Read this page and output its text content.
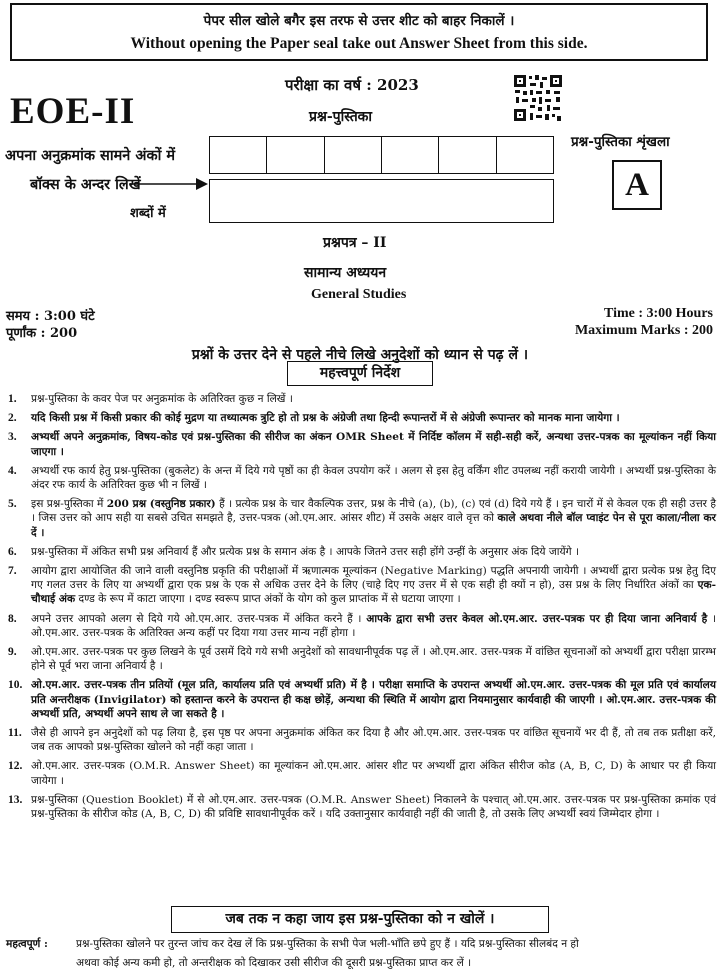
पेपर सील खोले बगैर इस तरफ से उत्तर शीट को बाहर निकालें ।
Without opening the Paper seal take out Answer Sheet from this side.
EOE-II
परीक्षा का वर्ष : 2023
प्रश्न-पुस्तिका
प्रश्न-पुस्तिका शृंखला
A
अपना अनुक्रमांक सामने अंकों में
बॉक्स के अन्दर लिखें
शब्दों में
प्रश्नपत्र – II
सामान्य अध्ययन
General Studies
समय : 3:00 घंटे
पूर्णांक : 200
Time : 3:00 Hours
Maximum Marks : 200
प्रश्नों के उत्तर देने से पहले नीचे लिखे अनुदेशों को ध्यान से पढ़ लें ।
महत्त्वपूर्ण निर्देश
1.	प्रश्न-पुस्तिका के कवर पेज पर अनुक्रमांक के अतिरिक्त कुछ न लिखें ।
2.	यदि किसी प्रश्न में किसी प्रकार की कोई मुद्रण या तथ्यात्मक त्रुटि हो तो प्रश्न के अंग्रेजी तथा हिन्दी रूपान्तरों में से अंग्रेजी रूपान्तर को मानक माना जायेगा ।
3.	अभ्यर्थी अपने अनुक्रमांक, विषय-कोड एवं प्रश्न-पुस्तिका की सीरीज का अंकन OMR Sheet में निर्दिष्ट कॉलम में सही-सही करें, अन्यथा उत्तर-पत्रक का मूल्यांकन नहीं किया जाएगा ।
4.	अभ्यर्थी रफ कार्य हेतु प्रश्न-पुस्तिका (बुकलेट) के अन्त में दिये गये पृष्ठों का ही केवल उपयोग करें । अलग से इस हेतु वर्किंग शीट उपलब्ध नहीं करायी जायेगी । अभ्यर्थी प्रश्न-पुस्तिका के अंदर रफ कार्य के अतिरिक्त कुछ भी न लिखें ।
5.	इस प्रश्न-पुस्तिका में 200 प्रश्न (वस्तुनिष्ठ प्रकार) हैं । प्रत्येक प्रश्न के चार वैकल्पिक उत्तर, प्रश्न के नीचे (a), (b), (c) एवं (d) दिये गये हैं । इन चारों में से केवल एक ही सही उत्तर है । जिस उत्तर को आप सही या सबसे उचित समझते है, उत्तर-पत्रक (ओ.एम.आर. आंसर शीट) में उसके अक्षर वाले वृत्त को काले अथवा नीले बॉल प्वाइंट पेन से पूरा काला/नीला कर दें ।
6.	प्रश्न-पुस्तिका में अंकित सभी प्रश्न अनिवार्य हैं और प्रत्येक प्रश्न के समान अंक है । आपके जितने उत्तर सही होंगे उन्हीं के अनुसार अंक दिये जायेंगे ।
7.	आयोग द्वारा आयोजित की जाने वाली वस्तुनिष्ठ प्रकृति की परीक्षाओं में ऋणात्मक मूल्यांकन (Negative Marking) पद्धति अपनायी जायेगी । अभ्यर्थी द्वारा प्रत्येक प्रश्न हेतु दिए गए गलत उत्तर के लिए या अभ्यर्थी द्वारा एक प्रश्न के एक से अधिक उत्तर देने के लिए (चाहे दिए गए उत्तर में से एक सही ही क्यों न हो), उस प्रश्न के लिए निर्धारित अंकों का एक-चौथाई अंक दण्ड के रूप में काटा जाएगा । दण्ड स्वरूप प्राप्त अंकों के योग को कुल प्राप्तांक में से घटाया जाएगा ।
8.	अपने उत्तर आपको अलग से दिये गये ओ.एम.आर. उत्तर-पत्रक में अंकित करने हैं । आपके द्वारा सभी उत्तर केवल ओ.एम.आर. उत्तर-पत्रक पर ही दिया जाना अनिवार्य है । ओ.एम.आर. उत्तर-पत्रक के अतिरिक्त अन्य कहीं पर दिया गया उत्तर मान्य नहीं होगा ।
9.	ओ.एम.आर. उत्तर-पत्रक पर कुछ लिखने के पूर्व उसमें दिये गये सभी अनुदेशों को सावधानीपूर्वक पढ़ लें । ओ.एम.आर. उत्तर-पत्रक में वांछित सूचनाओं को अभ्यर्थी द्वारा परीक्षा प्रारम्भ होने से पूर्व भरा जाना अनिवार्य है ।
10. ओ.एम.आर. उत्तर-पत्रक तीन प्रतियों (मूल प्रति, कार्यालय प्रति एवं अभ्यर्थी प्रति) में है । परीक्षा समाप्ति के उपरान्त अभ्यर्थी ओ.एम.आर. उत्तर-पत्रक की मूल प्रति एवं कार्यालय प्रति अन्तरीक्षक (Invigilator) को हस्तान्त करने के उपरान्त ही कक्ष छोड़ें, अन्यथा की स्थिति में आयोग द्वारा नियमानुसार कार्यवाही की जाएगी । ओ.एम.आर. उत्तर-पत्रक की अभ्यर्थी प्रति, अभ्यर्थी अपने साथ ले जा सकते है ।
11. जैसे ही आपने इन अनुदेशों को पढ़ लिया है, इस पृष्ठ पर अपना अनुक्रमांक अंकित कर दिया है और ओ.एम.आर. उत्तर-पत्रक पर वांछित सूचनायें भर दी हैं, तो तब तक प्रतीक्षा करें, जब तक आपको प्रश्न-पुस्तिका खोलने को नहीं कहा जाता ।
12. ओ.एम.आर. उत्तर-पत्रक (O.M.R. Answer Sheet) का मूल्यांकन ओ.एम.आर. आंसर शीट पर अभ्यर्थी द्वारा अंकित सीरीज कोड (A, B, C, D) के आधार पर ही किया जायेगा ।
13. प्रश्न-पुस्तिका (Question Booklet) में से ओ.एम.आर. उत्तर-पत्रक (O.M.R. Answer Sheet) निकालने के पश्चात् ओ.एम.आर. उत्तर-पत्रक पर प्रश्न-पुस्तिका क्रमांक एवं प्रश्न-पुस्तिका के सीरीज कोड (A, B, C, D) की प्रविष्टि सावधानीपूर्वक करें । यदि उक्तानुसार कार्यवाही नहीं की जाती है, तो उसके लिए अभ्यर्थी स्वयं जिम्मेदार होगा ।
जब तक न कहा जाय इस प्रश्न-पुस्तिका को न खोलें ।
महत्वपूर्ण :	प्रश्न-पुस्तिका खोलने पर तुरन्त जांच कर देख लें कि प्रश्न-पुस्तिका के सभी पेज भली-भाँति छपे हुए हैं । यदि प्रश्न-पुस्तिका सीलबंद न हो
अथवा कोई अन्य कमी हो, तो अन्तरीक्षक को दिखाकर उसी सीरीज की दूसरी प्रश्न-पुस्तिका प्राप्त कर लें ।
